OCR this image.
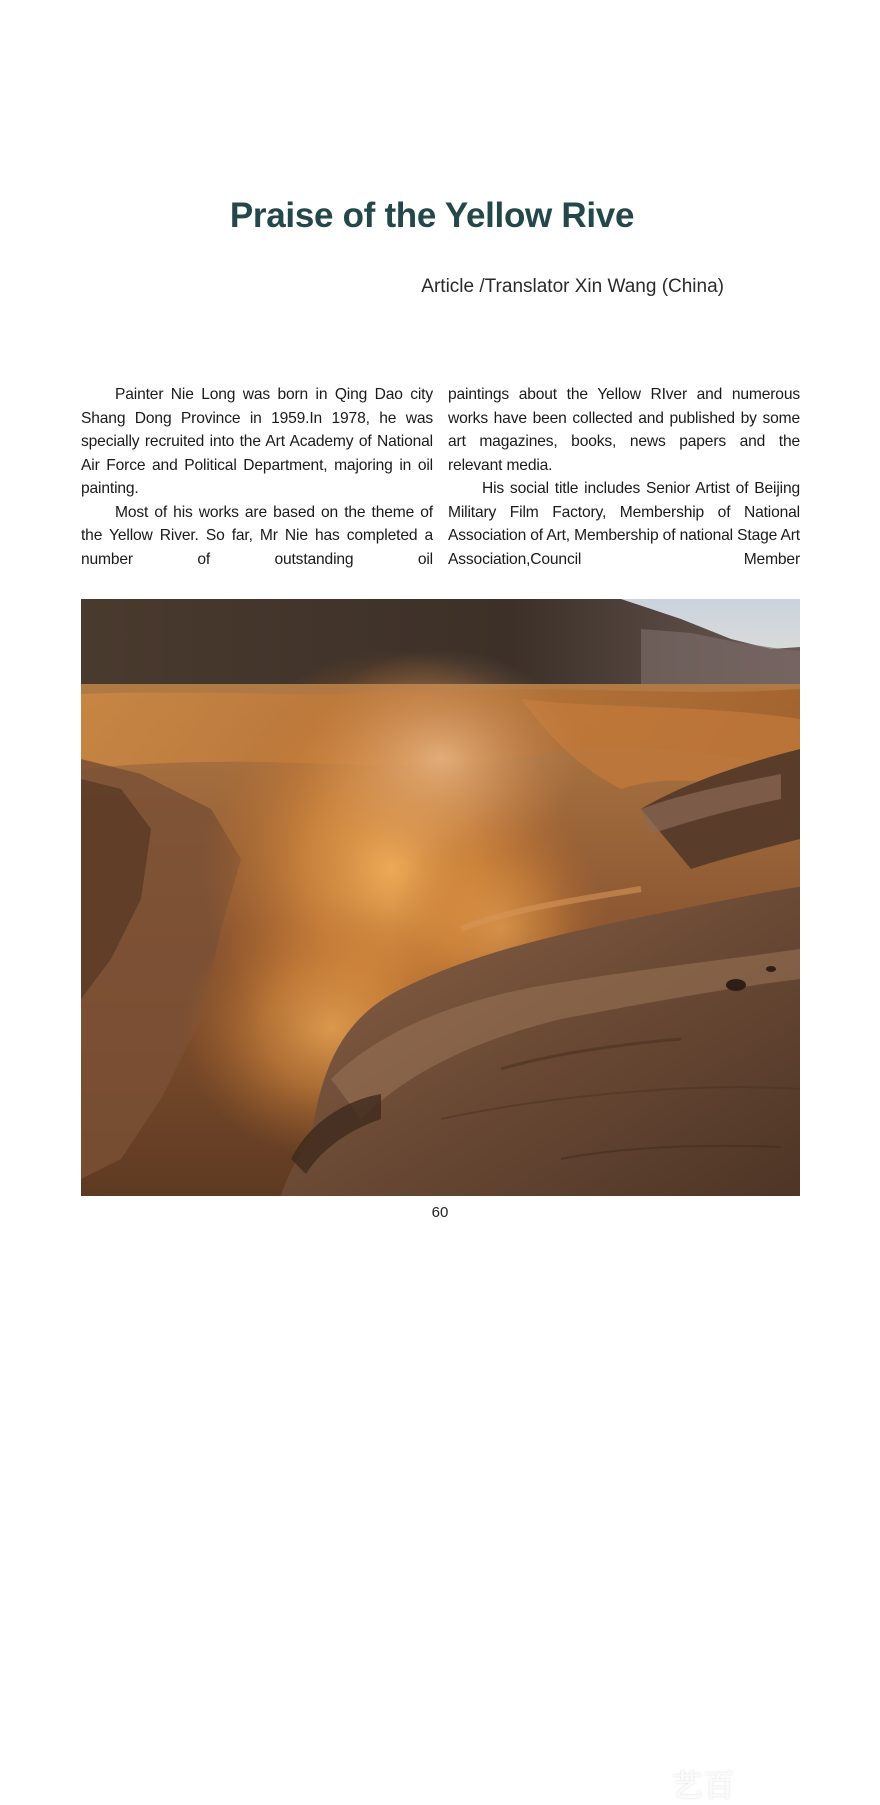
Praise of the Yellow Rive
Article /Translator Xin Wang (China)

Painter Nie Long was born in Qing Dao city Shang Dong Province in 1959.In 1978, he was specially recruited into the Art Academy of National Air Force and Political Department, majoring in oil painting.

Most of his works are based on the theme of the Yellow River. So far, Mr Nie has completed a number of outstanding oil

paintings about the Yellow RIver and numerous works have been collected and published by some art magazines, books, news papers and the relevant media.

His social title includes Senior Artist of Beijing Military Film Factory, Membership of National Association of Art, Membership of national Stage Art Association,Council Member

艺百
60
